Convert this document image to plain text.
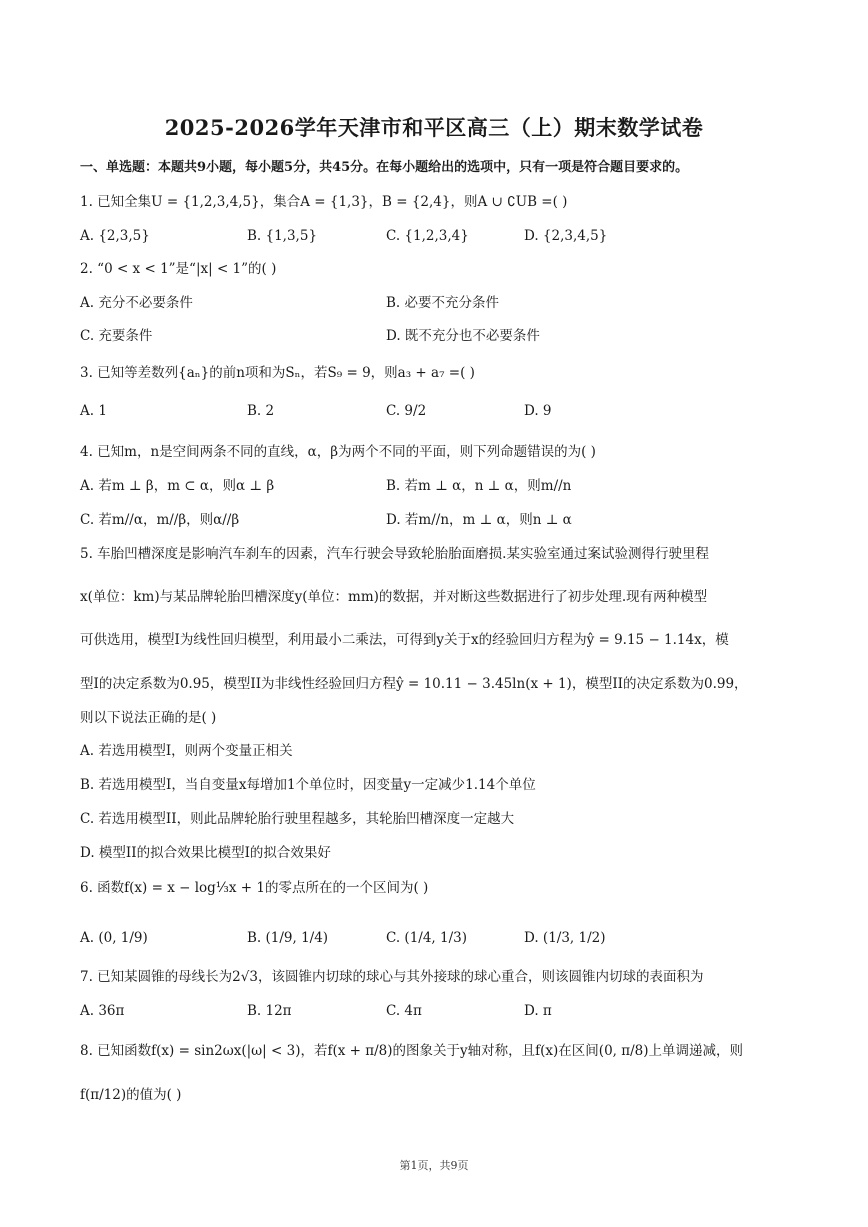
2025-2026学年天津市和平区高三（上）期末数学试卷
一、单选题：本题共9小题，每小题5分，共45分。在每小题给出的选项中，只有一项是符合题目要求的。
1. 已知全集U = {1,2,3,4,5}，集合A = {1,3}，B = {2,4}，则A ∪ ∁UB =( )
A. {2,3,5}	B. {1,3,5}	C. {1,2,3,4}	D. {2,3,4,5}
2. “0 < x < 1”是“|x| < 1”的( )
A. 充分不必要条件	B. 必要不充分条件
C. 充要条件	D. 既不充分也不必要条件
3. 已知等差数列{aₙ}的前n项和为Sₙ，若S₉ = 9，则a₃ + a₇ =( )
A. 1	B. 2	C. 9/2	D. 9
4. 已知m，n是空间两条不同的直线，α，β为两个不同的平面，则下列命题错误的为( )
A. 若m ⊥ β，m ⊂ α，则α ⊥ β	B. 若m ⊥ α，n ⊥ α，则m//n
C. 若m//α，m//β，则α//β	D. 若m//n，m ⊥ α，则n ⊥ α
5. 车胎凹槽深度是影响汽车刹车的因素，汽车行驶会导致轮胎胎面磨损.某实验室通过案试验测得行驶里程
x(单位：km)与某品牌轮胎凹槽深度y(单位：mm)的数据，并对断这些数据进行了初步处理.现有两种模型
可供选用，模型I为线性回归模型，利用最小二乘法，可得到y关于x的经验回归方程为ŷ = 9.15 − 1.14x，模
型I的决定系数为0.95，模型II为非线性经验回归方程ŷ = 10.11 − 3.45ln(x + 1)，模型II的决定系数为0.99，
则以下说法正确的是( )
A. 若选用模型I，则两个变量正相关
B. 若选用模型I，当自变量x每增加1个单位时，因变量y一定减少1.14个单位
C. 若选用模型II，则此品牌轮胎行驶里程越多，其轮胎凹槽深度一定越大
D. 模型II的拟合效果比模型I的拟合效果好
6. 函数f(x) = x − log⅓x + 1的零点所在的一个区间为( )
A. (0, 1/9)	B. (1/9, 1/4)	C. (1/4, 1/3)	D. (1/3, 1/2)
7. 已知某圆锥的母线长为2√3，该圆锥内切球的球心与其外接球的球心重合，则该圆锥内切球的表面积为
A. 36π	B. 12π	C. 4π	D. π
8. 已知函数f(x) = sin2ωx(|ω| < 3)，若f(x + π/8)的图象关于y轴对称，且f(x)在区间(0, π/8)上单调递减，则
f(π/12)的值为( )
第1页，共9页
